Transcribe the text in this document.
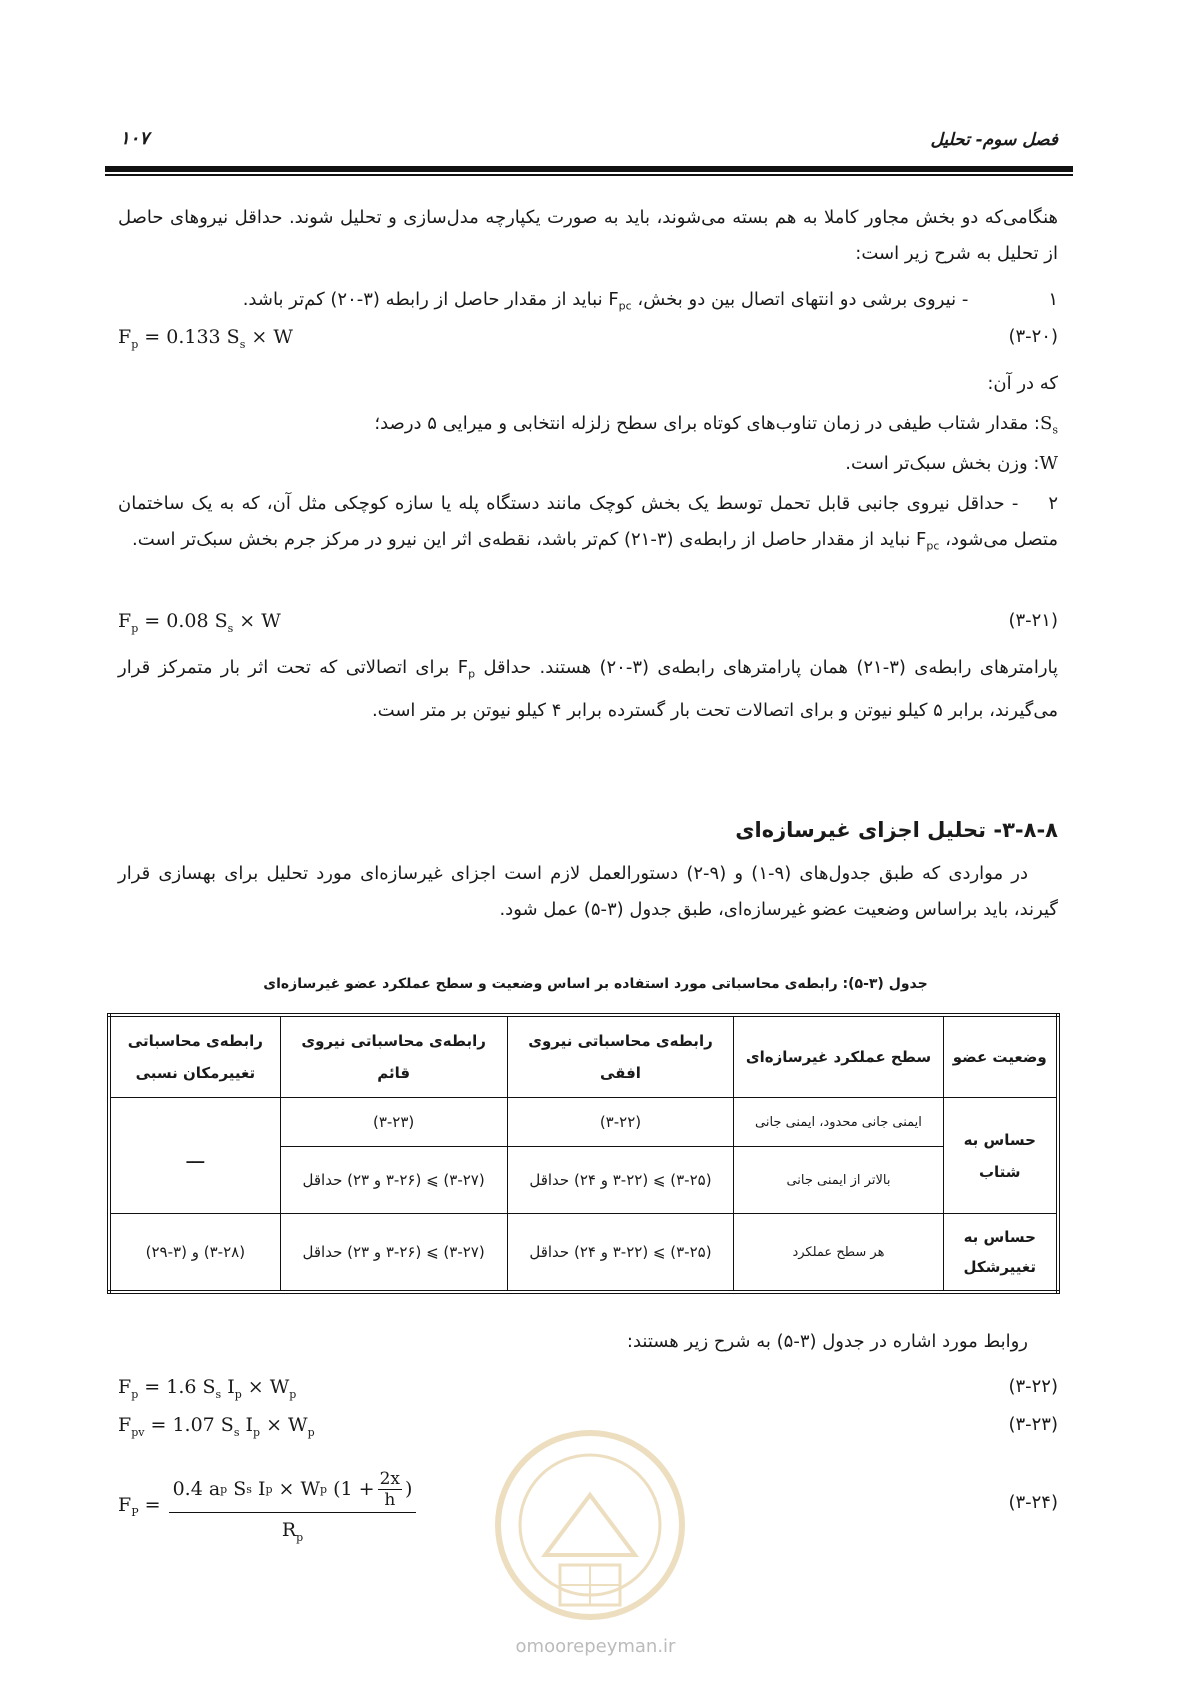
فصل سوم- تحلیل
۱۰۷
هنگامی‌که دو بخش مجاور کاملا به هم بسته می‌شوند، باید به صورت یکپارچه مدل‌سازی و تحلیل شوند. حداقل نیروهای حاصل از تحلیل به شرح زیر است:
۱- نیروی برشی دو انتهای اتصال بین دو بخش، $F_{pc}$ نباید از مقدار حاصل از رابطه (۳-۲۰) کم‌تر باشد.
$F_p = 0.133$ $S_s \times W$	(۳-۲۰)
که در آن:
$S_s$: مقدار شتاب طیفی در زمان تناوب‌های کوتاه برای سطح زلزله انتخابی و میرایی ۵ درصد؛
W: وزن بخش سبک‌تر است.
۲- حداقل نیروی جانبی قابل تحمل توسط یک بخش کوچک مانند دستگاه پله یا سازه کوچکی مثل آن، که به یک ساختمان متصل می‌شود، $F_{pc}$ نباید از مقدار حاصل از رابطه‌ی (۳-۲۱) کم‌تر باشد، نقطه‌ی اثر این نیرو در مرکز جرم بخش سبک‌تر است.
$F_p = 0.08$ $S_s \times W$	(۳-۲۱)
پارامترهای رابطه‌ی (۳-۲۱) همان پارامترهای رابطه‌ی (۳-۲۰) هستند. حداقل $F_p$ برای اتصالاتی که تحت اثر بار متمرکز قرار می‌گیرند، برابر ۵ کیلو نیوتن و برای اتصالات تحت بار گسترده برابر ۴ کیلو نیوتن بر متر است.
۳-۸-۸- تحلیل اجزای غیرسازه‌ای
در مواردی که طبق جدول‌های (۹-۱) و (۹-۲) دستورالعمل لازم است اجزای غیرسازه‌ای مورد تحلیل برای بهسازی قرار گیرند، باید براساس وضعیت عضو غیرسازه‌ای، طبق جدول (۳-۵) عمل شود.
جدول (۳-۵): رابطه‌ی محاسباتی مورد استفاده بر اساس وضعیت و سطح عملکرد عضو غیرسازه‌ای
وضعیت عضو	سطح عملکرد غیرسازه‌ای	رابطه‌ی محاسباتی نیروی افقی	رابطه‌ی محاسباتی نیروی قائم	رابطه‌ی محاسباتی تغییرمکان نسبی
حساس به شتاب	ایمنی جانی محدود، ایمنی جانی	(۳-۲۲)	(۳-۲۳)	ـــ
	بالاتر از ایمنی جانی	(۳-۲۵) ⩾ (۳-۲۲ و ۲۴) حداقل	(۳-۲۷) ⩾ (۳-۲۶ و ۲۳) حداقل	
حساس به تغییرشکل	هر سطح عملکرد	(۳-۲۵) ⩾ (۳-۲۲ و ۲۴) حداقل	(۳-۲۷) ⩾ (۳-۲۶ و ۲۳) حداقل	(۳-۲۸) و (۳-۲۹)
روابط مورد اشاره در جدول (۳-۵) به شرح زیر هستند:
$F_p = 1.6$ $S_s$ $I_p \times W_p$	(۳-۲۲)
$F_{pv} = 1.07$ $S_s$ $I_p \times W_p$	(۳-۲۳)
$F_P$ =
0.4 a p S s I p × W p (1 + 2x
h )
$R_p$
(۳-۲۴)
omoorepeyman.ir
